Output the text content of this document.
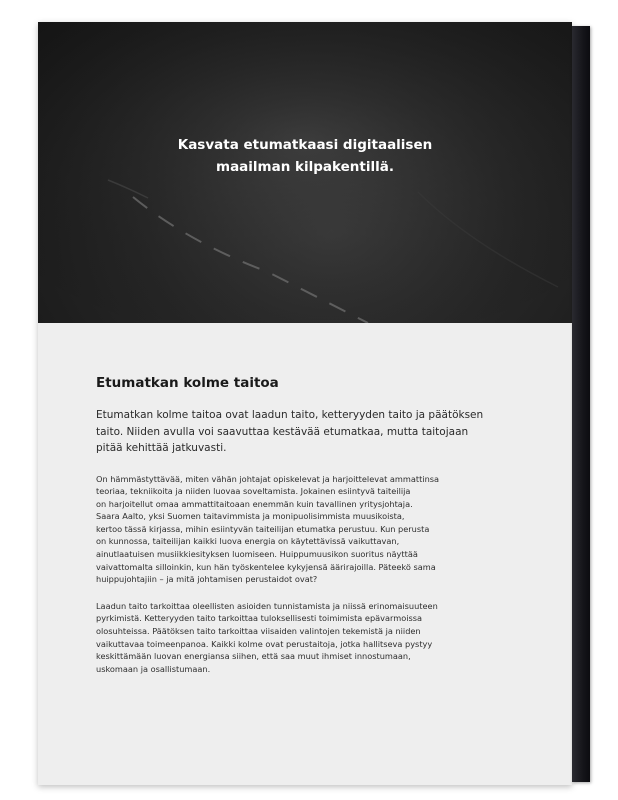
Kasvata etumatkaasi digitaalisen
maailman kilpakentillä.
Etumatkan kolme taitoa

Etumatkan kolme taitoa ovat laadun taito, ketteryyden taito ja päätöksen
taito. Niiden avulla voi saavuttaa kestävää etumatkaa, mutta taitojaan
pitää kehittää jatkuvasti.

On hämmästyttävää, miten vähän johtajat opiskelevat ja harjoittelevat ammattinsa
teoriaa, tekniikoita ja niiden luovaa soveltamista. Jokainen esiintyvä taiteilija
on harjoitellut omaa ammattitaitoaan enemmän kuin tavallinen yritysjohtaja.
Saara Aalto, yksi Suomen taitavimmista ja monipuolisimmista muusikoista,
kertoo tässä kirjassa, mihin esiintyvän taiteilijan etumatka perustuu. Kun perusta
on kunnossa, taiteilijan kaikki luova energia on käytettävissä vaikuttavan,
ainutlaatuisen musiikkiesityksen luomiseen. Huippumuusikon suoritus näyttää
vaivattomalta silloinkin, kun hän työskentelee kykyjensä äärirajoilla. Päteekö sama
huippujohtajiin – ja mitä johtamisen perustaidot ovat?

Laadun taito tarkoittaa oleellisten asioiden tunnistamista ja niissä erinomaisuuteen
pyrkimistä. Ketteryyden taito tarkoittaa tuloksellisesti toimimista epävarmoissa
olosuhteissa. Päätöksen taito tarkoittaa viisaiden valintojen tekemistä ja niiden
vaikuttavaa toimeenpanoa. Kaikki kolme ovat perustaitoja, jotka hallitseva pystyy
keskittämään luovan energiansa siihen, että saa muut ihmiset innostumaan,
uskomaan ja osallistumaan.
